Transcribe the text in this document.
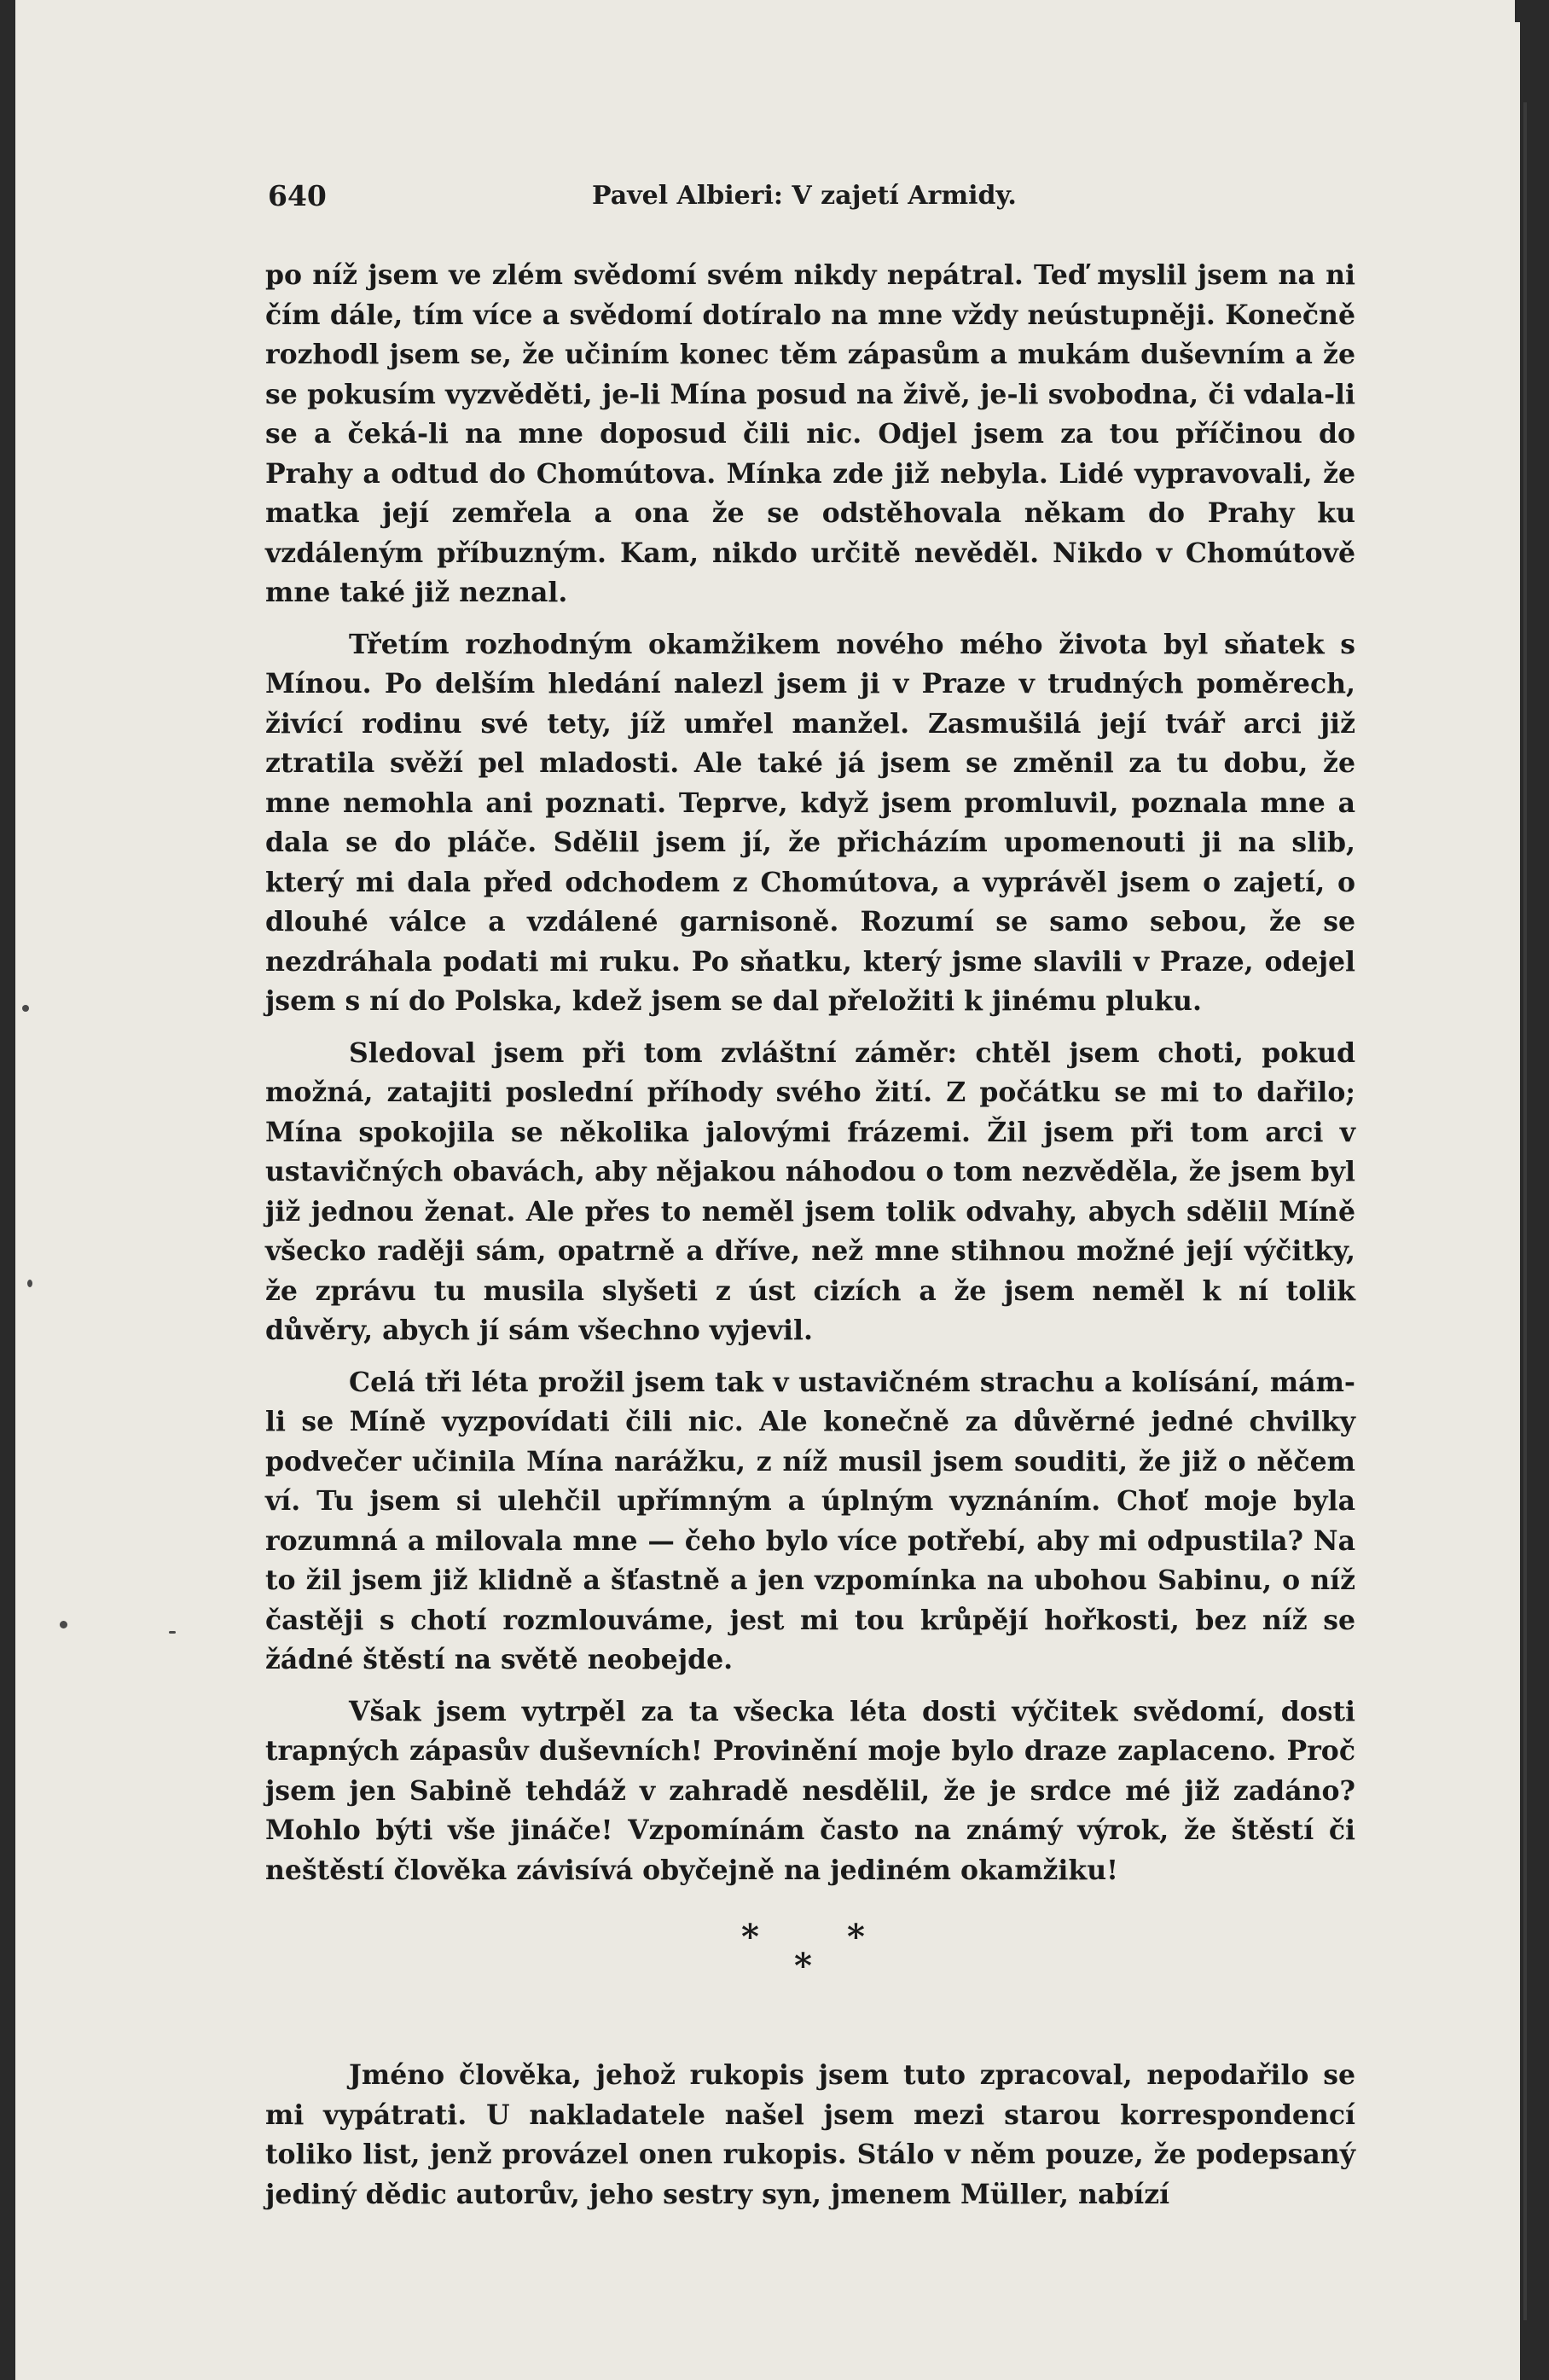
640	Pavel Albieri: V zajetí Armidy.

po níž jsem ve zlém svědomí svém nikdy nepátral. Teď myslil jsem na ni čím dále, tím více a svědomí dotíralo na mne vždy neústupněji. Konečně rozhodl jsem se, že učiním konec těm zápasům a mukám duševním a že se pokusím vyzvěděti, je-li Mína posud na živě, je-li svobodna, či vdala-li se a čeká-li na mne doposud čili nic. Odjel jsem za tou příčinou do Prahy a odtud do Chomútova. Mínka zde již nebyla. Lidé vypravovali, že matka její zemřela a ona že se odstěhovala někam do Prahy ku vzdáleným příbuzným. Kam, nikdo určitě nevěděl. Nikdo v Chomútově mne také již neznal.

Třetím rozhodným okamžikem nového mého života byl sňatek s Mínou. Po delším hledání nalezl jsem ji v Praze v trudných poměrech, živící rodinu své tety, jíž umřel manžel. Zasmušilá její tvář arci již ztratila svěží pel mladosti. Ale také já jsem se změnil za tu dobu, že mne nemohla ani poznati. Teprve, když jsem promluvil, poznala mne a dala se do pláče. Sdělil jsem jí, že přicházím upomenouti ji na slib, který mi dala před odchodem z Chomútova, a vyprávěl jsem o zajetí, o dlouhé válce a vzdálené garnisoně. Rozumí se samo sebou, že se nezdráhala podati mi ruku. Po sňatku, který jsme slavili v Praze, odejel jsem s ní do Polska, kdež jsem se dal přeložiti k jinému pluku.

Sledoval jsem při tom zvláštní záměr: chtěl jsem choti, pokud možná, zatajiti poslední příhody svého žití. Z počátku se mi to dařilo; Mína spokojila se několika jalovými frázemi. Žil jsem při tom arci v ustavičných obavách, aby nějakou náhodou o tom nezvěděla, že jsem byl již jednou ženat. Ale přes to neměl jsem tolik odvahy, abych sdělil Míně všecko raději sám, opatrně a dříve, než mne stihnou možné její výčitky, že zprávu tu musila slyšeti z úst cizích a že jsem neměl k ní tolik důvěry, abych jí sám všechno vyjevil.

Celá tři léta prožil jsem tak v ustavičném strachu a kolísání, mám-li se Míně vyzpovídati čili nic. Ale konečně za důvěrné jedné chvilky podvečer učinila Mína narážku, z níž musil jsem souditi, že již o něčem ví. Tu jsem si ulehčil upřímným a úplným vyznáním. Choť moje byla rozumná a milovala mne — čeho bylo více potřebí, aby mi odpustila? Na to žil jsem již klidně a šťastně a jen vzpomínka na ubohou Sabinu, o níž častěji s chotí rozmlouváme, jest mi tou krůpějí hořkosti, bez níž se žádné štěstí na světě neobejde.

Však jsem vytrpěl za ta všecka léta dosti výčitek svědomí, dosti trapných zápasův duševních! Provinění moje bylo draze zaplaceno. Proč jsem jen Sabině tehdáž v zahradě nesdělil, že je srdce mé již zadáno? Mohlo býti vše jináče! Vzpomínám často na známý výrok, že štěstí či neštěstí člověka závisívá obyčejně na jediném okamžiku!

*
*
*

Jméno člověka, jehož rukopis jsem tuto zpracoval, nepodařilo se mi vypátrati. U nakladatele našel jsem mezi starou korrespondencí toliko list, jenž provázel onen rukopis. Stálo v něm pouze, že podepsaný jediný dědic autorův, jeho sestry syn, jmenem Müller, nabízí
